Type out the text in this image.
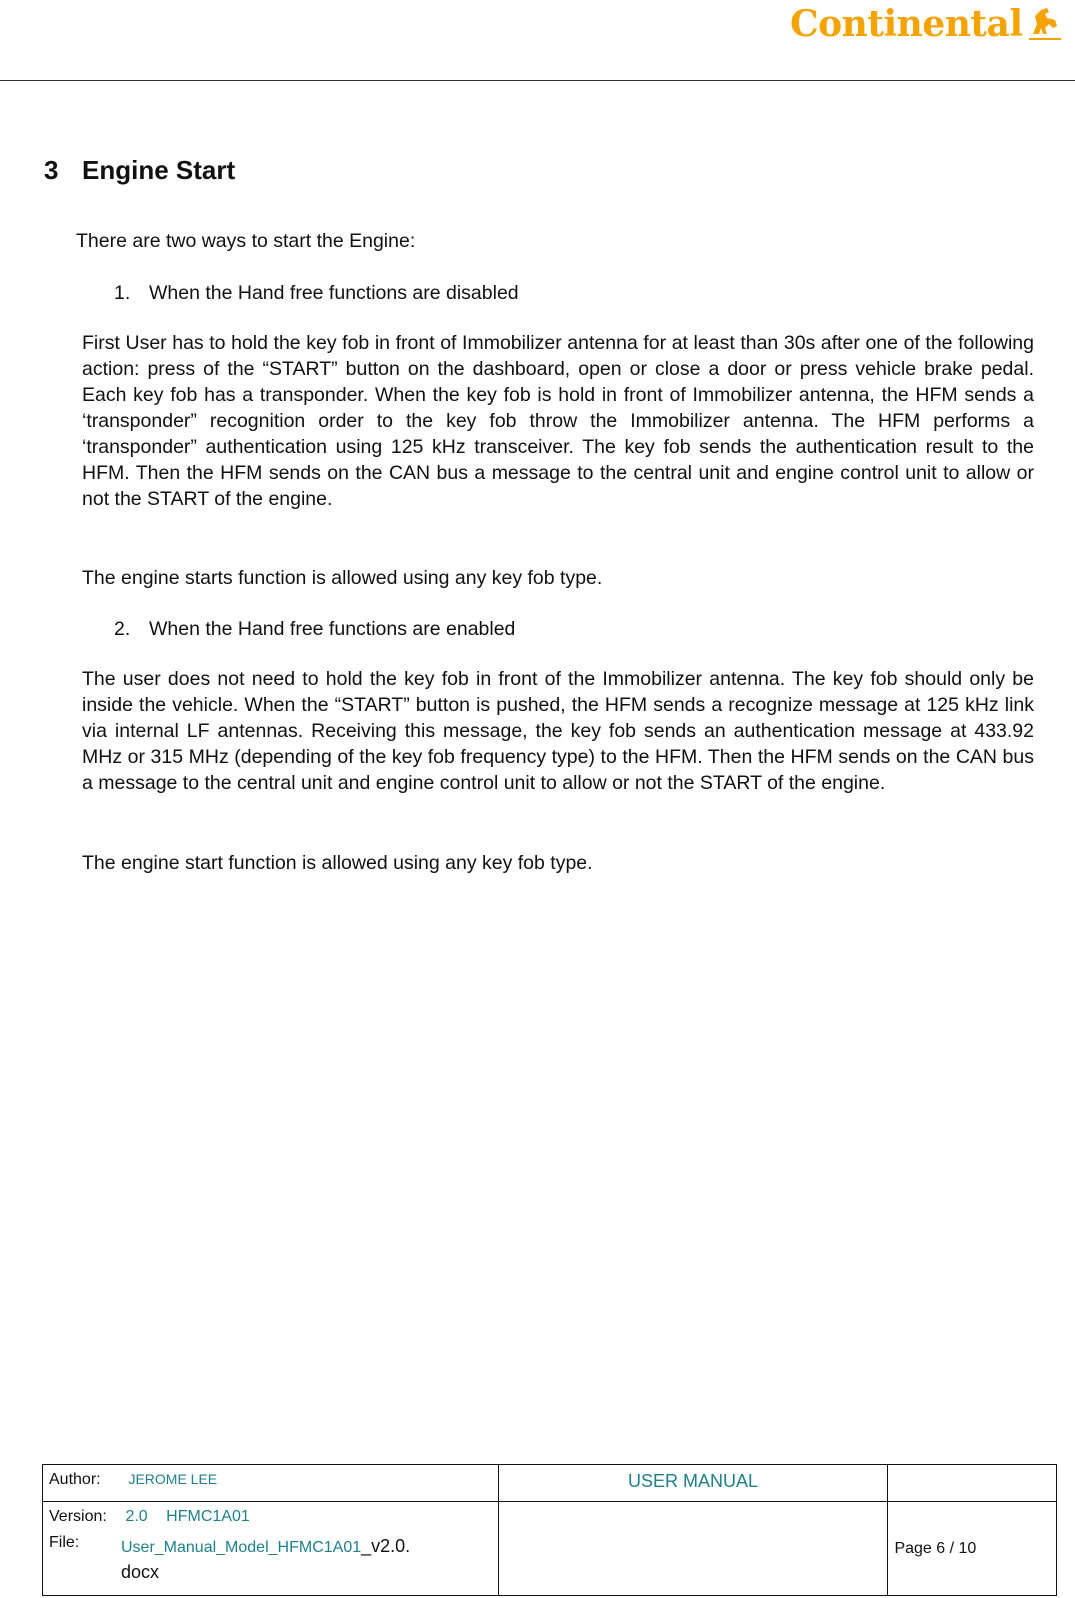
Continental
3 Engine Start
There are two ways to start the Engine:
1. When the Hand free functions are disabled

First User has to hold the key fob in front of Immobilizer antenna for at least than 30s after one of the following action: press of the “START” button on the dashboard, open or close a door or press vehicle brake pedal. Each key fob has a transponder. When the key fob is hold in front of Immobilizer antenna, the HFM sends a ‘transponder” recognition order to the key fob throw the Immobilizer antenna. The HFM performs a ‘transponder” authentication using 125 kHz transceiver. The key fob sends the authentication result to the HFM. Then the HFM sends on the CAN bus a message to the central unit and engine control unit to allow or not the START of the engine.

The engine starts function is allowed using any key fob type.

2. When the Hand free functions are enabled

The user does not need to hold the key fob in front of the Immobilizer antenna. The key fob should only be inside the vehicle. When the “START” button is pushed, the HFM sends a recognize message at 125 kHz link via internal LF antennas. Receiving this message, the key fob sends an authentication message at 433.92 MHz or 315 MHz (depending of the key fob frequency type) to the HFM. Then the HFM sends on the CAN bus a message to the central unit and engine control unit to allow or not the START of the engine.

The engine start function is allowed using any key fob type.

Author: JEROME LEE	USER MANUAL	

Version: 2.0 HFMC1A01
File: User_Manual_Model_HFMC1A01_v2.0.
docx		Page 6 / 10
